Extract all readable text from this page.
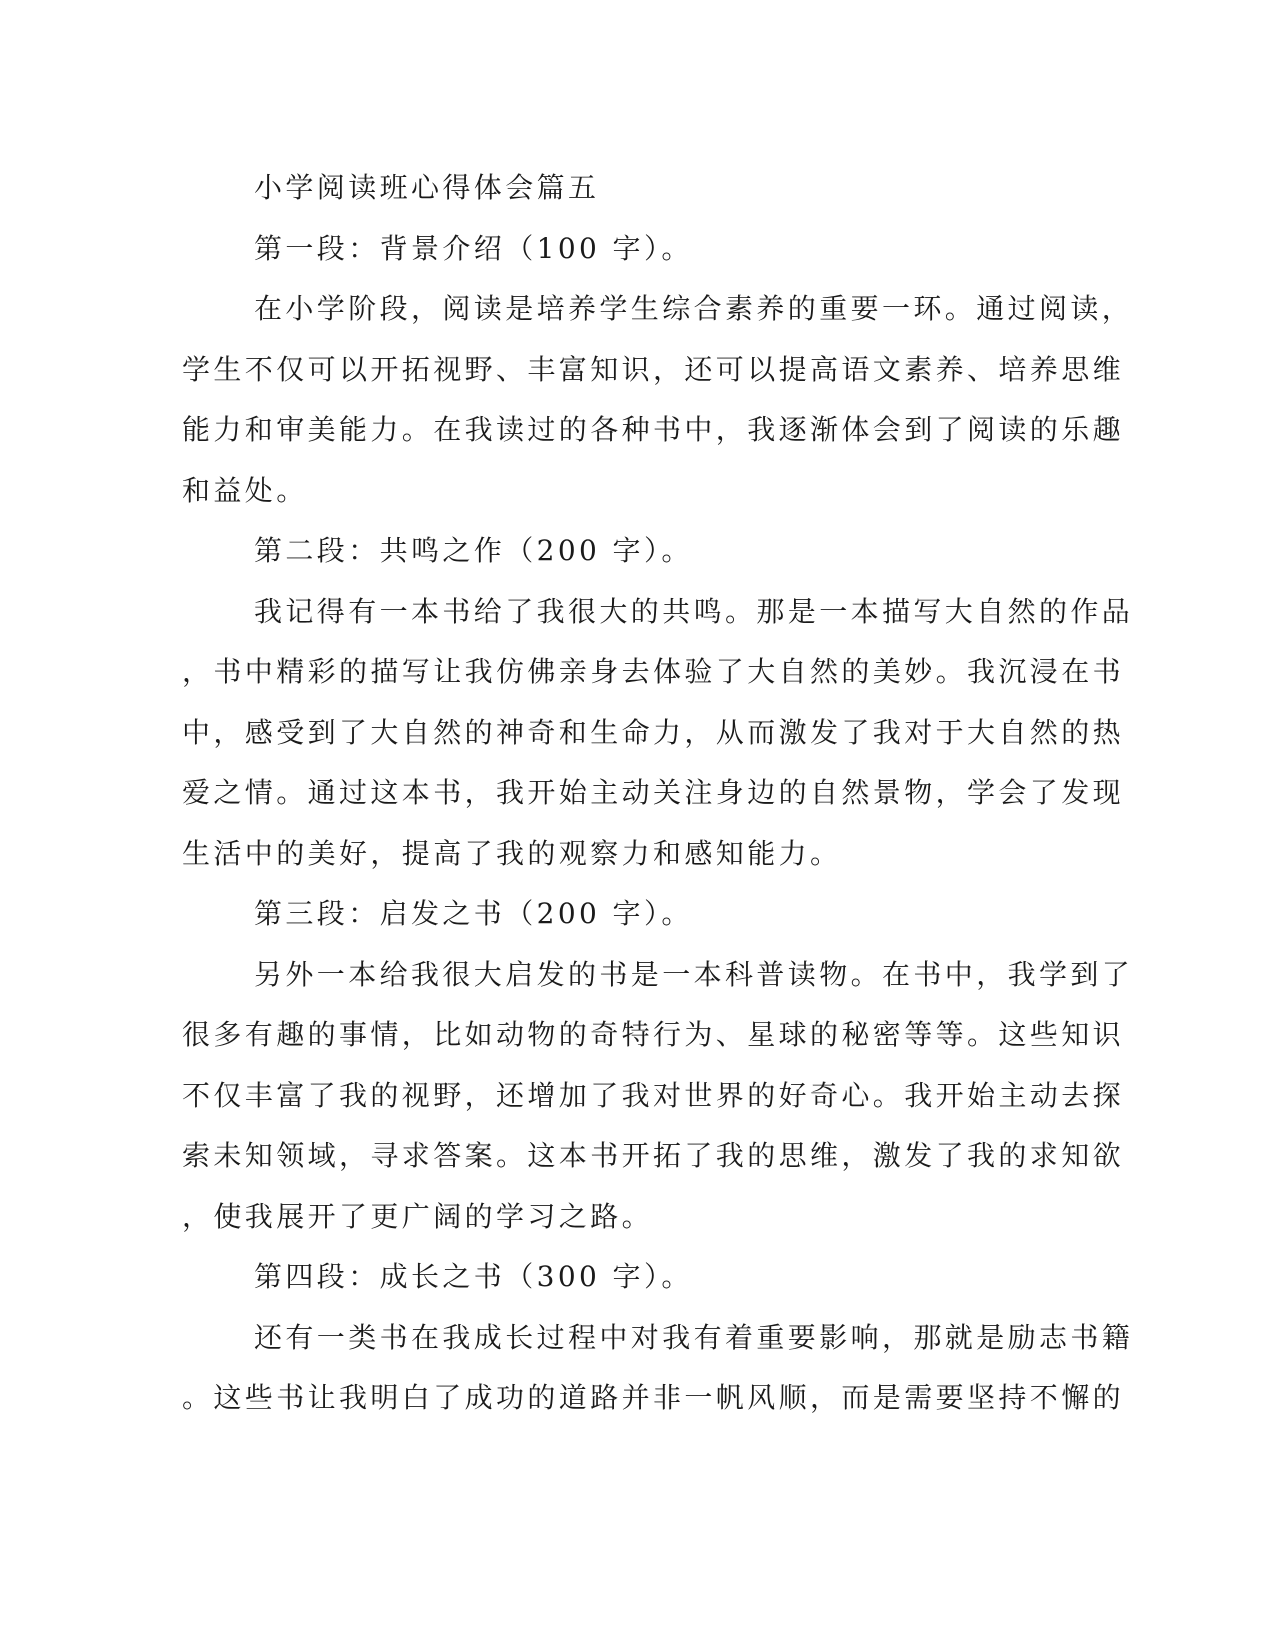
小学阅读班心得体会篇五
第一段：背景介绍（100 字）。
在小学阶段，阅读是培养学生综合素养的重要一环。通过阅读，
学生不仅可以开拓视野、丰富知识，还可以提高语文素养、培养思维
能力和审美能力。在我读过的各种书中，我逐渐体会到了阅读的乐趣
和益处。
第二段：共鸣之作（200 字）。
我记得有一本书给了我很大的共鸣。那是一本描写大自然的作品
，书中精彩的描写让我仿佛亲身去体验了大自然的美妙。我沉浸在书
中，感受到了大自然的神奇和生命力，从而激发了我对于大自然的热
爱之情。通过这本书，我开始主动关注身边的自然景物，学会了发现
生活中的美好，提高了我的观察力和感知能力。
第三段：启发之书（200 字）。
另外一本给我很大启发的书是一本科普读物。在书中，我学到了
很多有趣的事情，比如动物的奇特行为、星球的秘密等等。这些知识
不仅丰富了我的视野，还增加了我对世界的好奇心。我开始主动去探
索未知领域，寻求答案。这本书开拓了我的思维，激发了我的求知欲
，使我展开了更广阔的学习之路。
第四段：成长之书（300 字）。
还有一类书在我成长过程中对我有着重要影响，那就是励志书籍
。这些书让我明白了成功的道路并非一帆风顺，而是需要坚持不懈的
